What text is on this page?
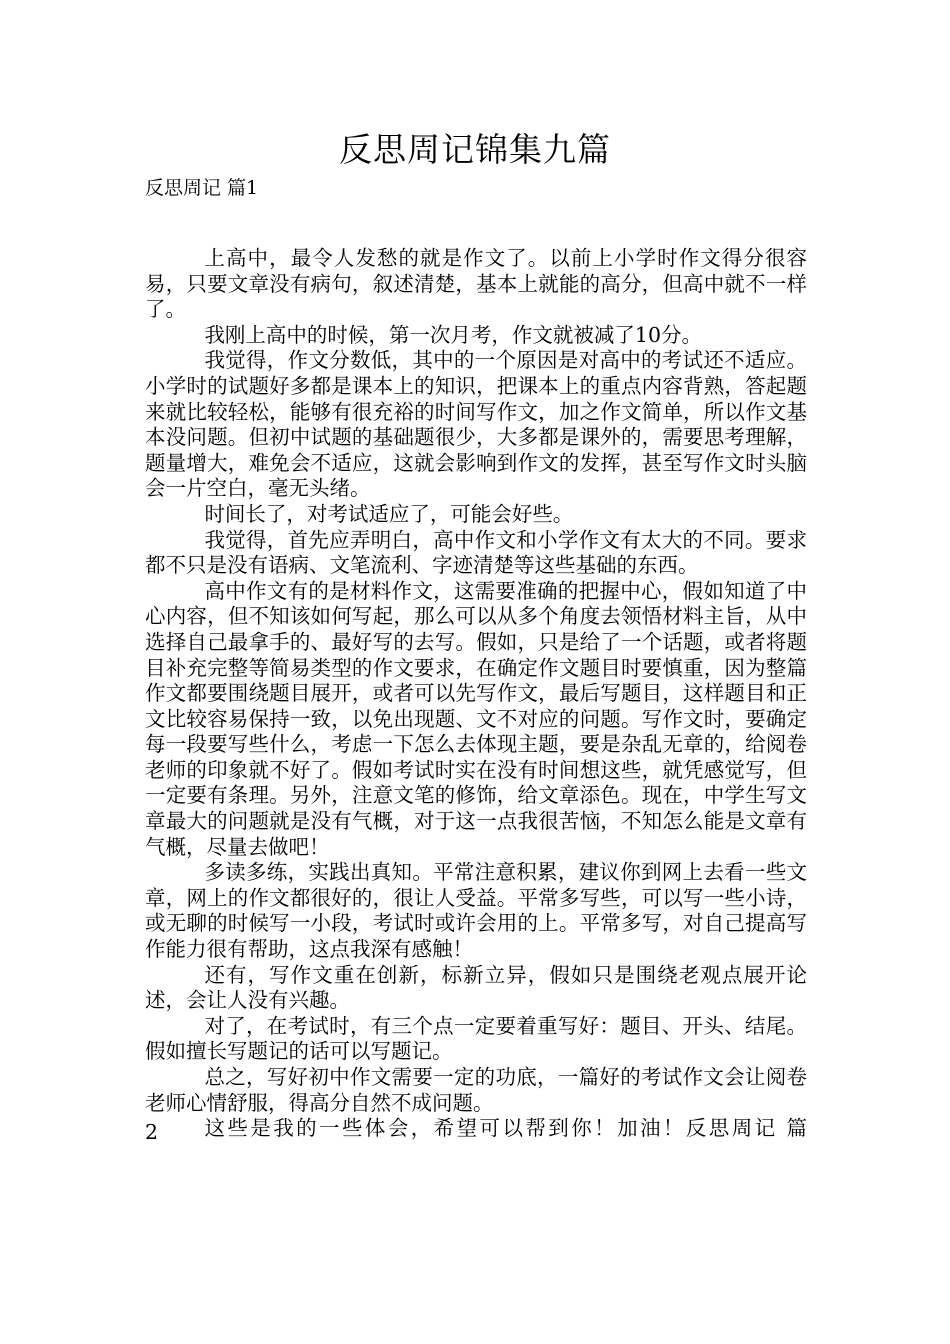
反思周记锦集九篇
反思周记 篇1

上高中，最令人发愁的就是作文了。以前上小学时作文得分很容易，只要文章没有病句，叙述清楚，基本上就能的高分，但高中就不一样了。

我刚上高中的时候，第一次月考，作文就被减了10分。

我觉得，作文分数低，其中的一个原因是对高中的考试还不适应。小学时的试题好多都是课本上的知识，把课本上的重点内容背熟，答起题来就比较轻松，能够有很充裕的时间写作文，加之作文简单，所以作文基本没问题。但初中试题的基础题很少，大多都是课外的，需要思考理解，题量增大，难免会不适应，这就会影响到作文的发挥，甚至写作文时头脑会一片空白，毫无头绪。

时间长了，对考试适应了，可能会好些。

我觉得，首先应弄明白，高中作文和小学作文有太大的不同。要求都不只是没有语病、文笔流利、字迹清楚等这些基础的东西。

高中作文有的是材料作文，这需要准确的把握中心，假如知道了中心内容，但不知该如何写起，那么可以从多个角度去领悟材料主旨，从中选择自己最拿手的、最好写的去写。假如，只是给了一个话题，或者将题目补充完整等简易类型的作文要求，在确定作文题目时要慎重，因为整篇作文都要围绕题目展开，或者可以先写作文，最后写题目，这样题目和正文比较容易保持一致，以免出现题、文不对应的问题。写作文时，要确定每一段要写些什么，考虑一下怎么去体现主题，要是杂乱无章的，给阅卷老师的印象就不好了。假如考试时实在没有时间想这些，就凭感觉写，但一定要有条理。另外，注意文笔的修饰，给文章添色。现在，中学生写文章最大的问题就是没有气概，对于这一点我很苦恼，不知怎么能是文章有气概，尽量去做吧！

多读多练，实践出真知。平常注意积累，建议你到网上去看一些文章，网上的作文都很好的，很让人受益。平常多写些，可以写一些小诗，或无聊的时候写一小段，考试时或许会用的上。平常多写，对自己提高写作能力很有帮助，这点我深有感触！

还有，写作文重在创新，标新立异，假如只是围绕老观点展开论述，会让人没有兴趣。

对了，在考试时，有三个点一定要着重写好：题目、开头、结尾。假如擅长写题记的话可以写题记。

总之，写好初中作文需要一定的功底，一篇好的考试作文会让阅卷老师心情舒服，得高分自然不成问题。

这些是我的一些体会，希望可以帮到你！加油！反思周记 篇

2
